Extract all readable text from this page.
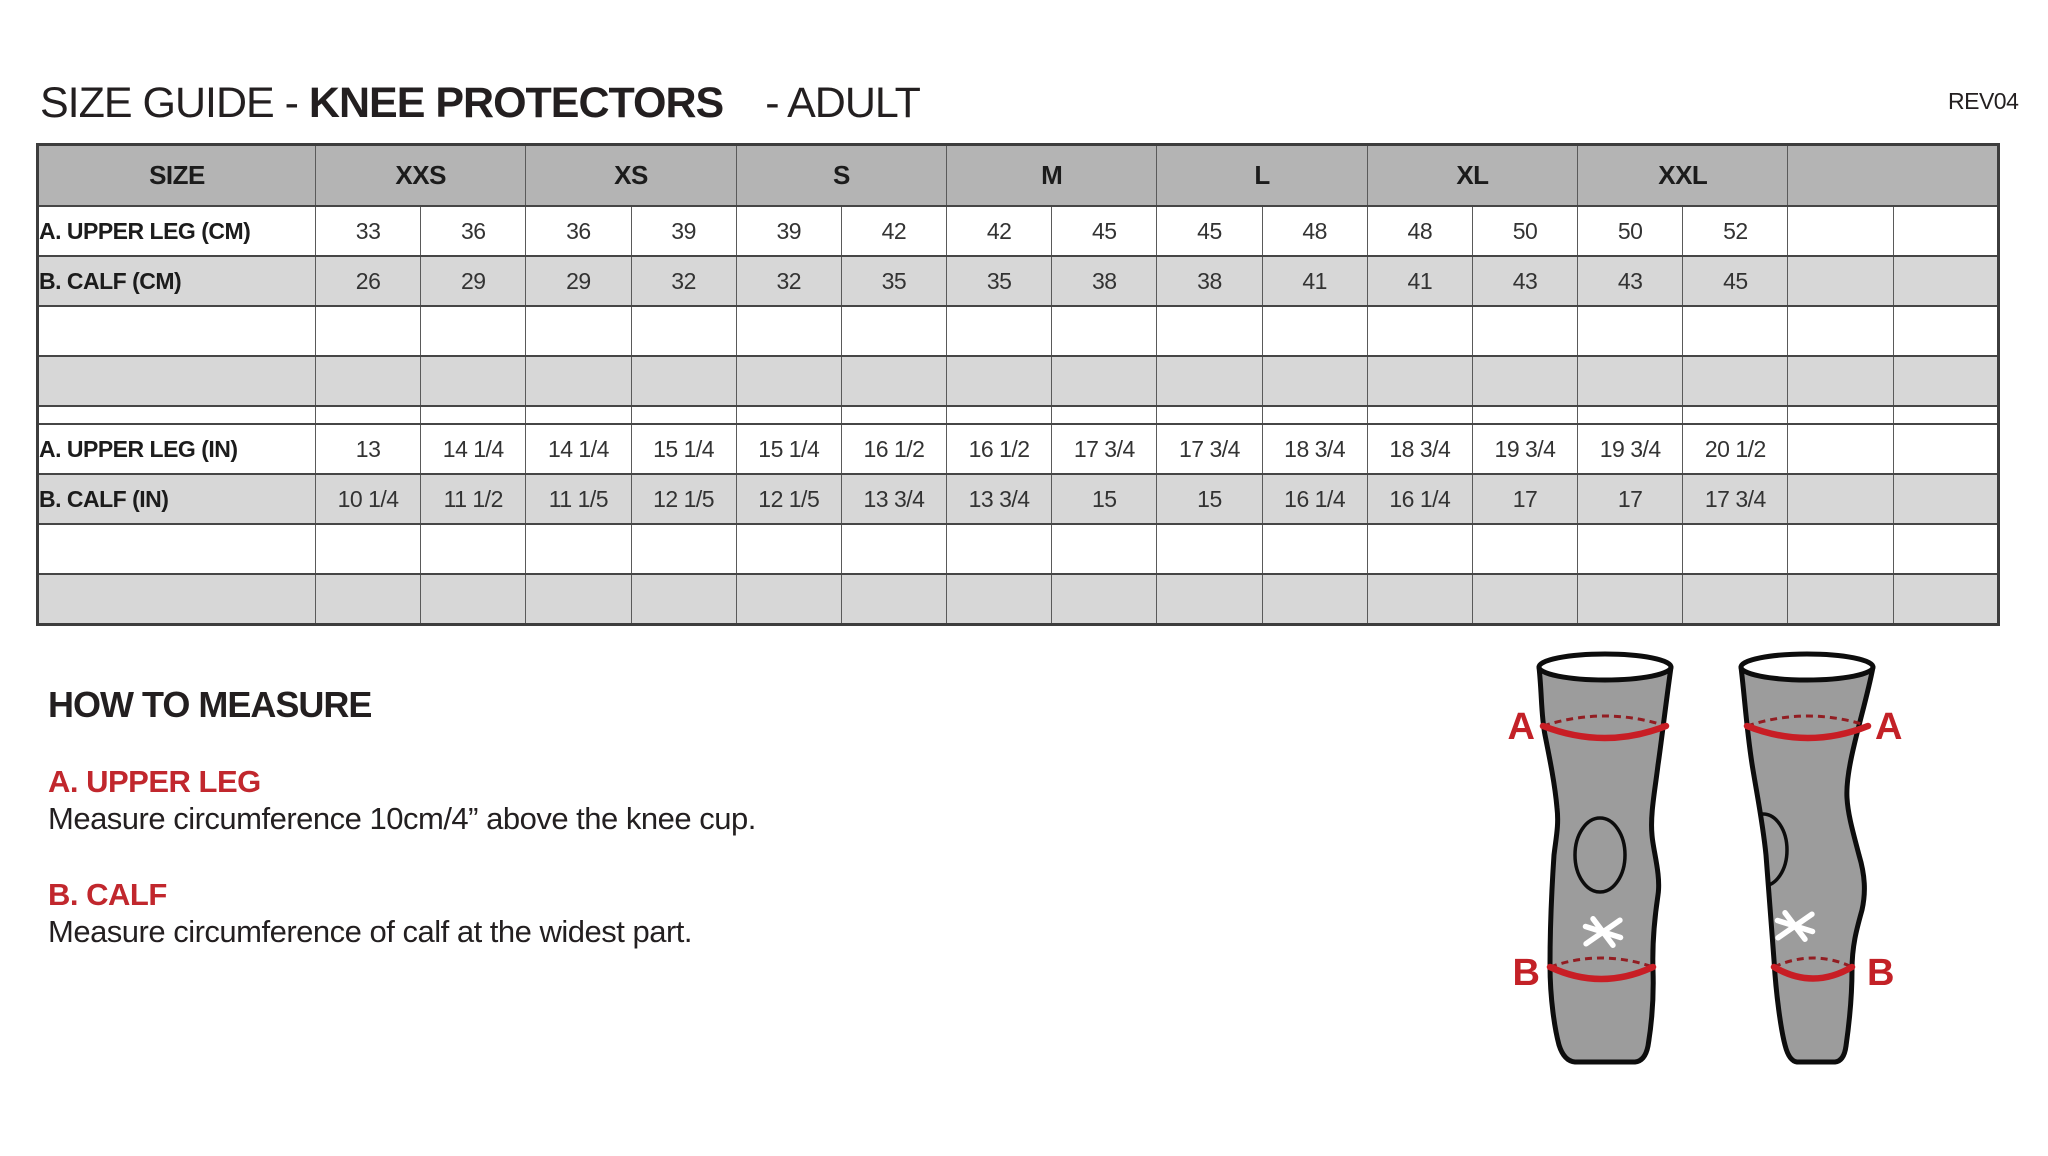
SIZE GUIDE - KNEE PROTECTORS - ADULT	REV04
SIZE	XXS		XS		S		M		L		XL		XXL			
A. UPPER LEG (CM)	33	36	36	39	39	42	42	45	45	48	48	50	50	52		
B. CALF (CM)	26	29	29	32	32	35	35	38	38	41	41	43	43	45		

A. UPPER LEG (IN)	13	14 1/4	14 1/4	15 1/4	15 1/4	16 1/2	16 1/2	17 3/4	17 3/4	18 3/4	18 3/4	19 3/4	19 3/4	20 1/2		
B. CALF (IN)	10 1/4	11 1/2	11 1/5	12 1/5	12 1/5	13 3/4	13 3/4	15	15	16 1/4	16 1/4	17	17	17 3/4		

HOW TO MEASURE
A. UPPER LEG
Measure circumference 10cm/4” above the knee cup.
B. CALF
Measure circumference of calf at the widest part.
A
B
A
B
